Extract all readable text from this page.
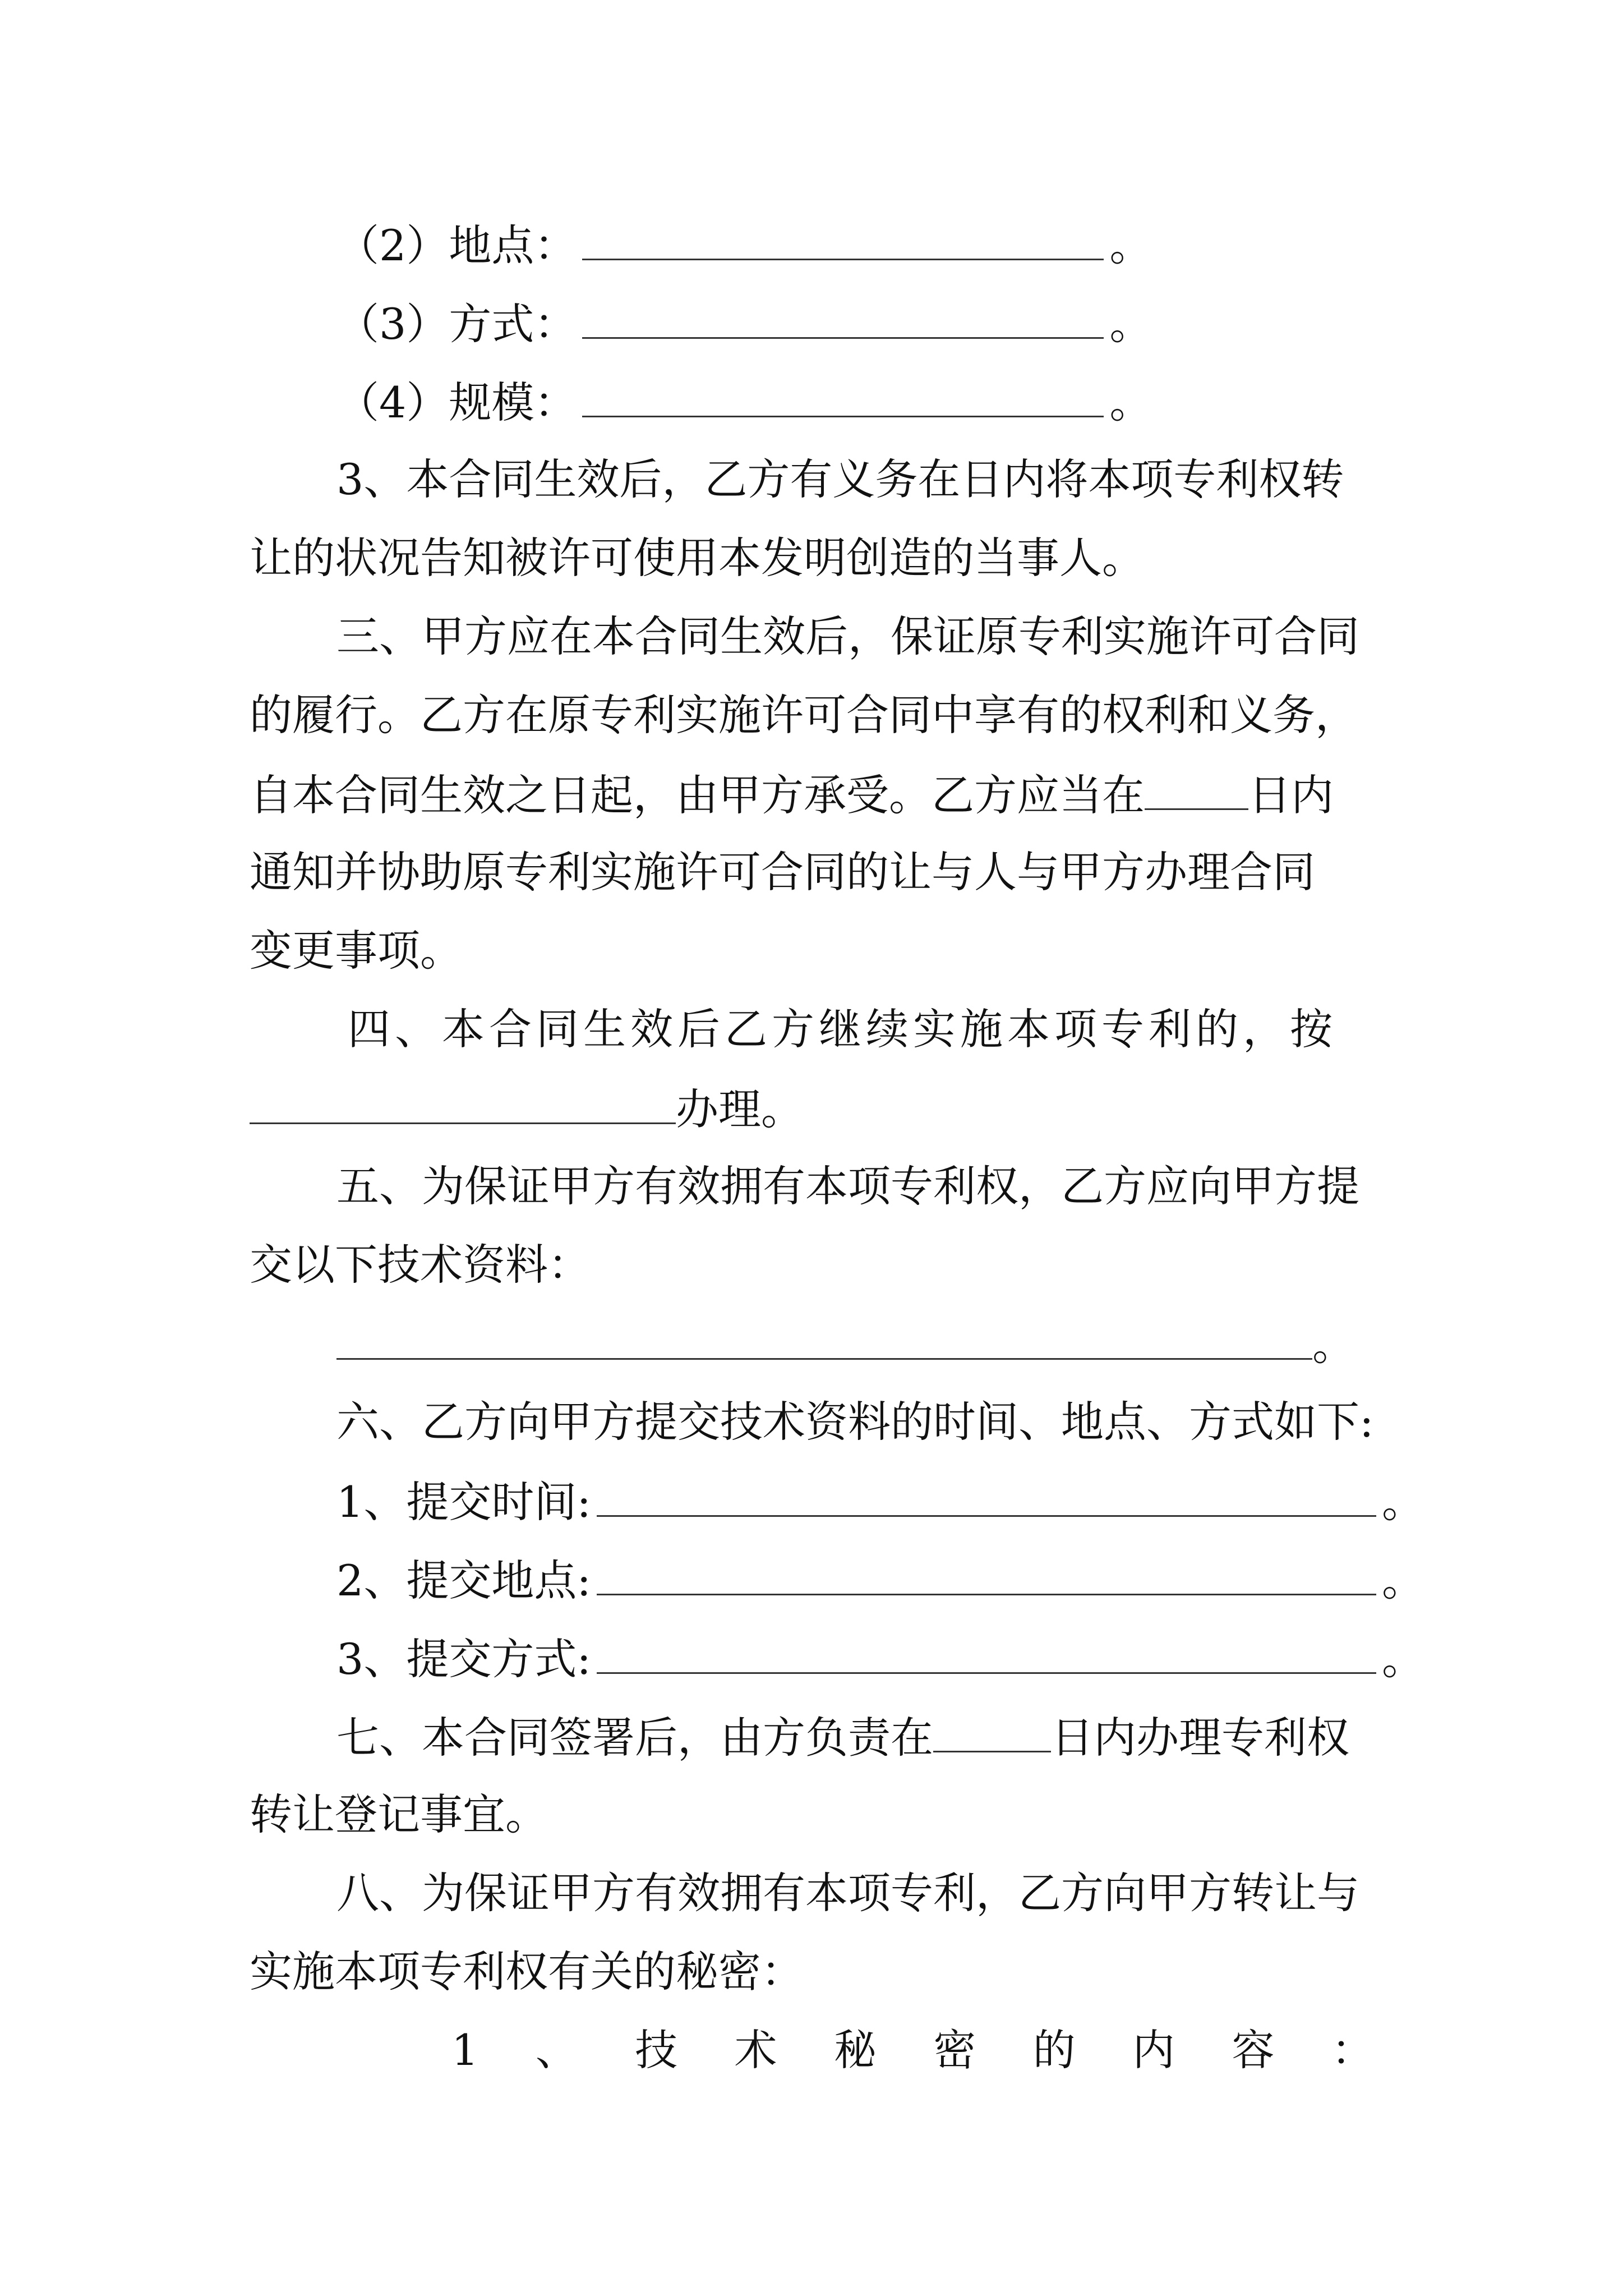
（2）地点：	。
（3）方式：	。
（4）规模：	。
3、本合同生效后，乙方有义务在日内将本项专利权转
让的状况告知被许可使用本发明创造的当事人。
三、甲方应在本合同生效后，保证原专利实施许可合同
的履行。乙方在原专利实施许可合同中享有的权利和义务，
自本合同生效之日起，由甲方承受。乙方应当在 日内
通知并协助原专利实施许可合同的让与人与甲方办理合同
变更事项。
四、本合同生效后乙方继续实施本项专利的，按
办理。
五、为保证甲方有效拥有本项专利权，乙方应向甲方提
交以下技术资料：
。
六、乙方向甲方提交技术资料的时间、地点、方式如下:
1、提交时间:	。
2、提交地点:	。
3、提交方式:	。
七、本合同签署后，由方负责在	日内办理专利权
转让登记事宜。
八、为保证甲方有效拥有本项专利，乙方向甲方转让与
实施本项专利权有关的秘密：
1 、 技 术 秘 密 的 内 容 ：
